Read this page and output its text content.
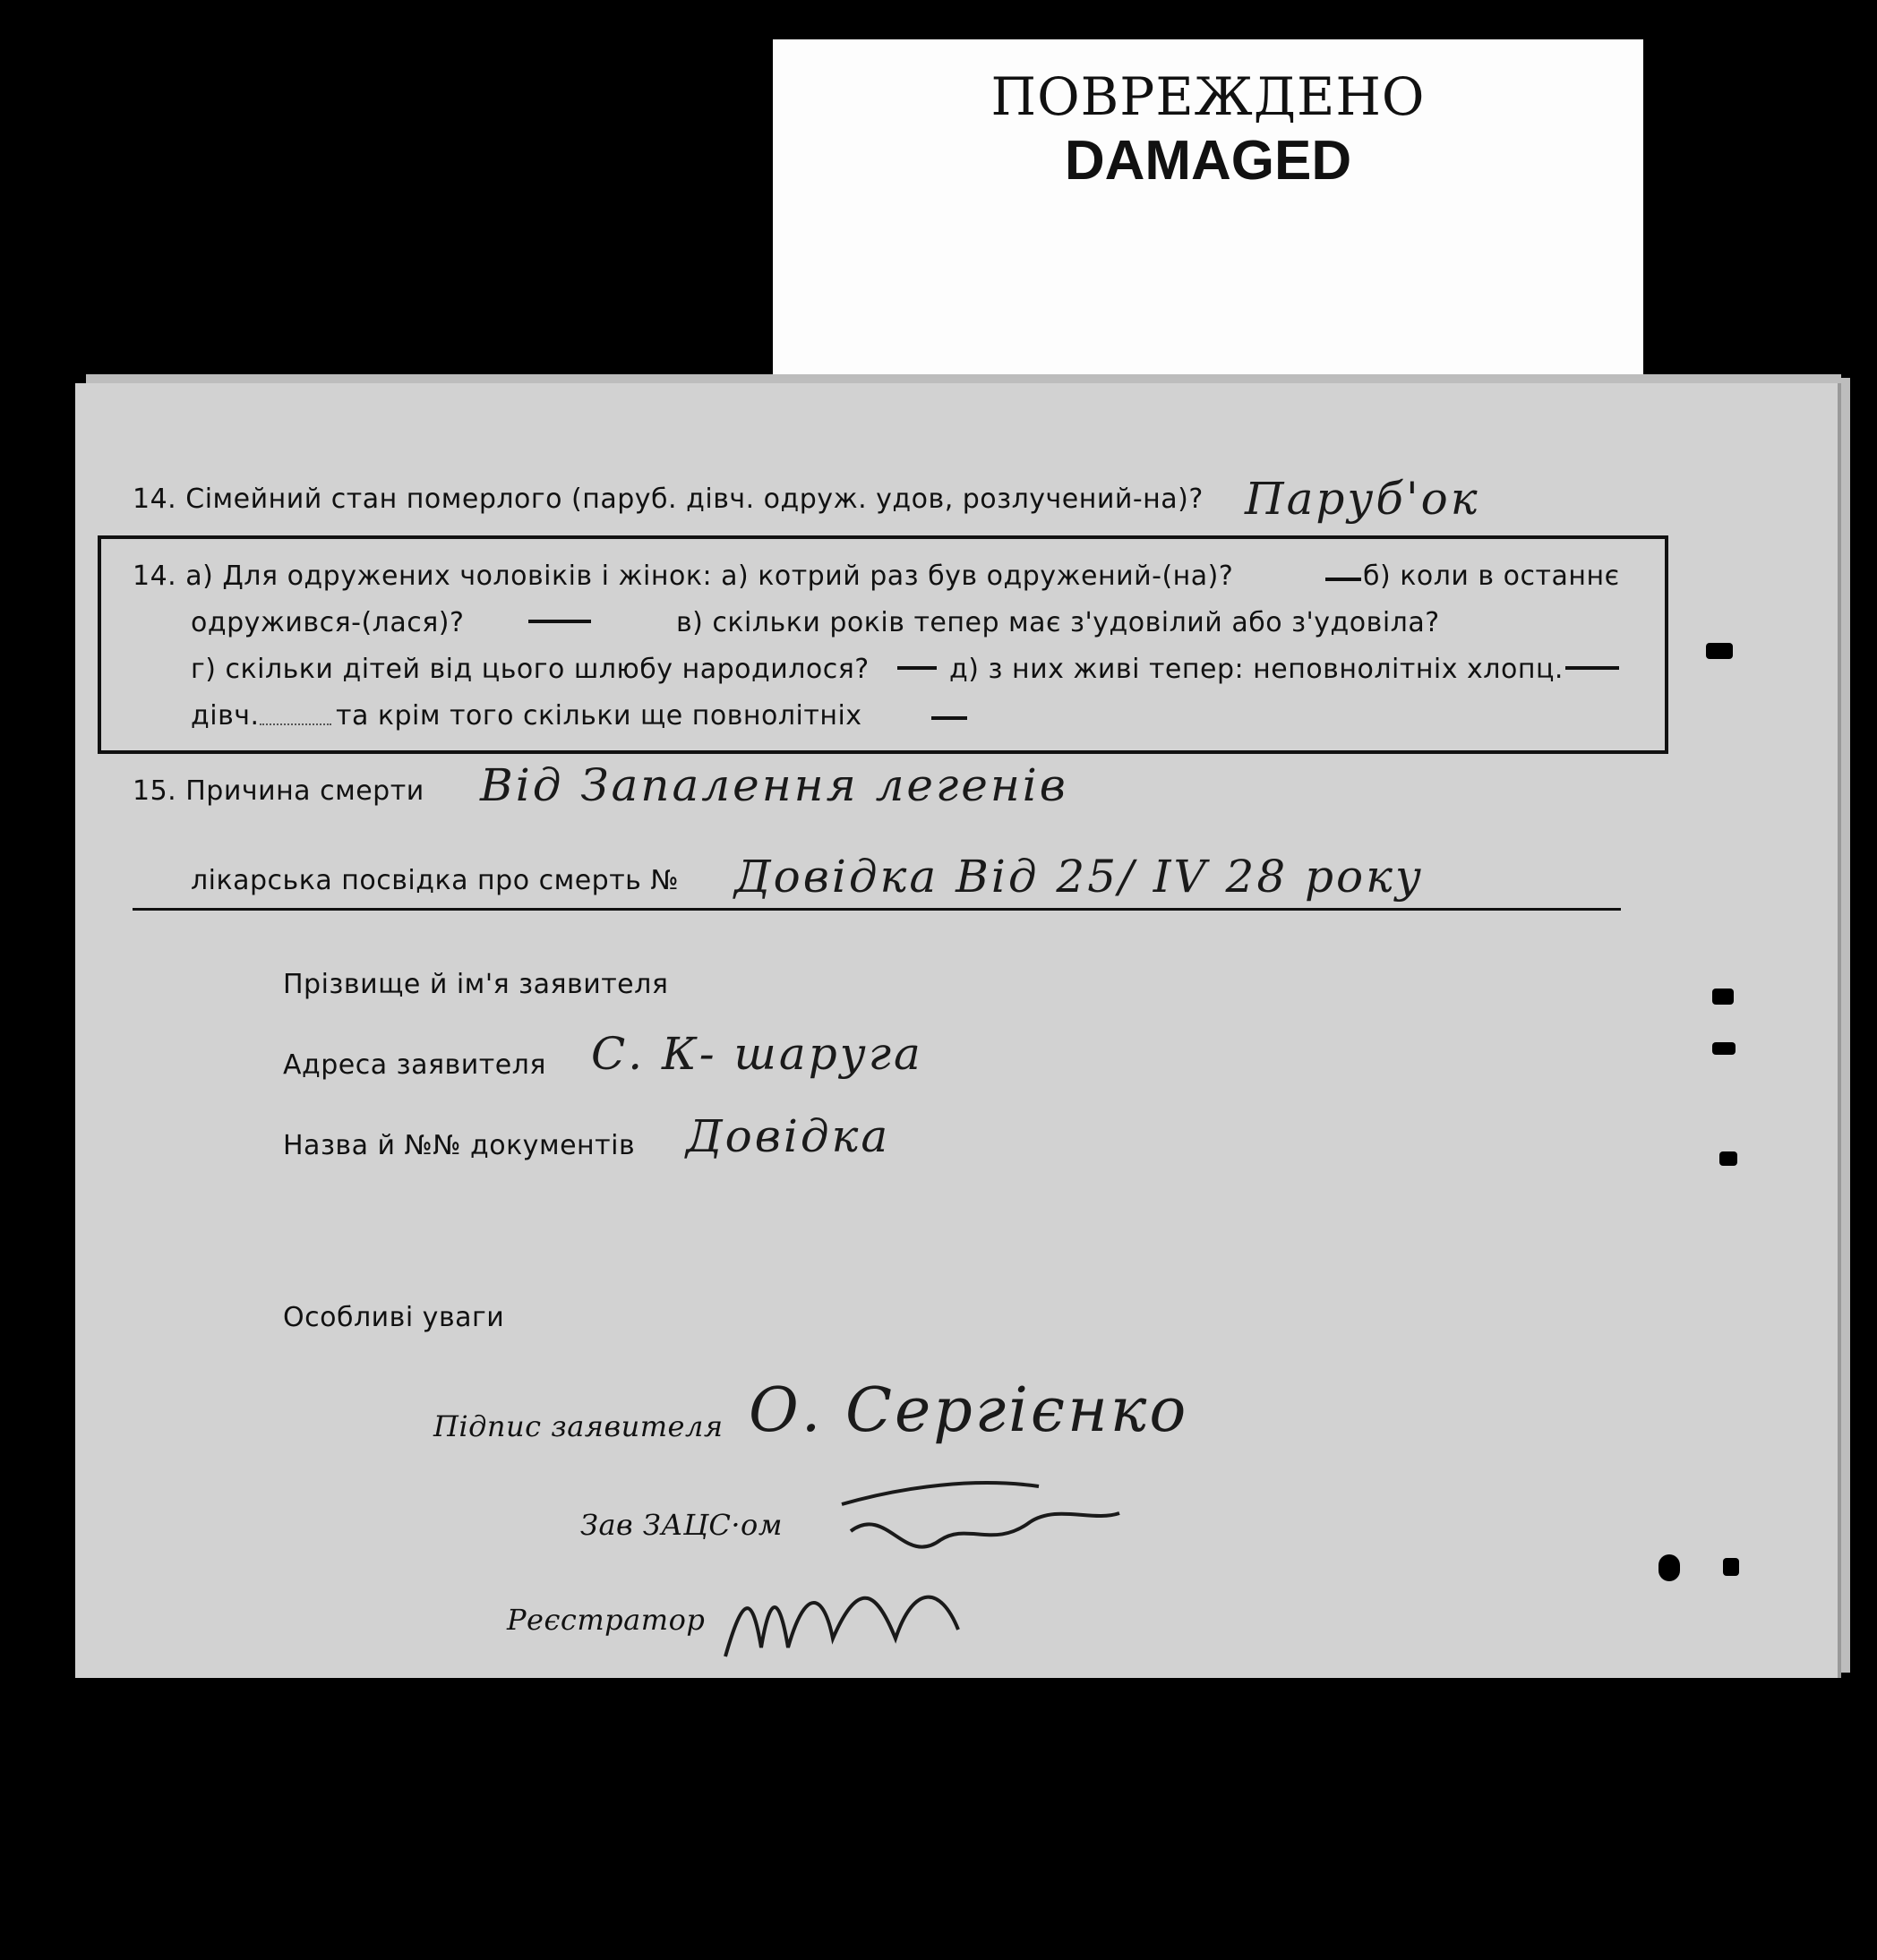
ПОВРЕЖДЕНО
DAMAGED
14. Сімейний стан померлого (паруб. дівч. одруж. удов, розлучений-на)? Паруб'ок
14. а) Для одружених чоловіків і жінок: а) котрий раз був одружений-(на)?	б) коли в останнє
одружився-(лася)?	в) скільки років тепер має з'удовілий або з'удовіла?
г) скільки дітей від цього шлюбу народилося?	д) з них живі тепер: неповнолітніх хлопц.
дівч.	та крім того скільки ще повнолітніх
15. Причина смерти Від Запалення легенів
лікарська посвідка про смерть № Довідка Від 25/ IV 28 року
Прізвище й ім'я заявителя
Адреса заявителя С. К- шаруга
Назва й №№ документів Довідка
Особливі уваги
Підпис заявителя О. Сергієнко
Зав ЗАЦС·ом
Реєстратор
